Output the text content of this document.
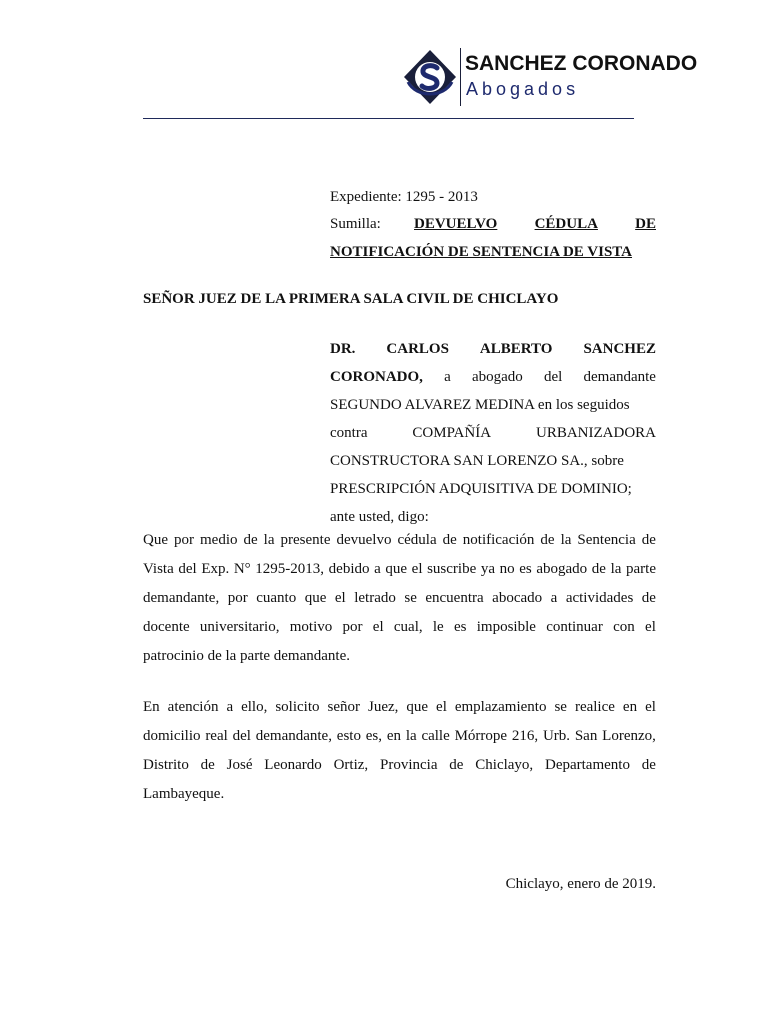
SANCHEZ CORONADO
Abogados
Expediente: 1295 - 2013
Sumilla:	DEVUELVO CÉDULA DE
NOTIFICACIÓN DE SENTENCIA DE VISTA
SEÑOR JUEZ DE LA PRIMERA SALA CIVIL DE CHICLAYO
DR. CARLOS ALBERTO SANCHEZ
CORONADO, a abogado del demandante
SEGUNDO ALVAREZ MEDINA en los seguidos
contra	COMPAÑÍA	URBANIZADORA
CONSTRUCTORA SAN LORENZO SA., sobre
PRESCRIPCIÓN ADQUISITIVA DE DOMINIO;
ante usted, digo:
Que por medio de la presente devuelvo cédula de notificación de la Sentencia de
Vista del Exp. N° 1295-2013, debido a que el suscribe ya no es abogado de la parte
demandante, por cuanto que el letrado se encuentra abocado a actividades de
docente universitario, motivo por el cual, le es imposible continuar con el
patrocinio de la parte demandante.
En atención a ello, solicito señor Juez, que el emplazamiento se realice en el
domicilio real del demandante, esto es, en la calle Mórrope 216, Urb. San Lorenzo,
Distrito de José Leonardo Ortiz, Provincia de Chiclayo, Departamento de
Lambayeque.
Chiclayo, enero de 2019.
